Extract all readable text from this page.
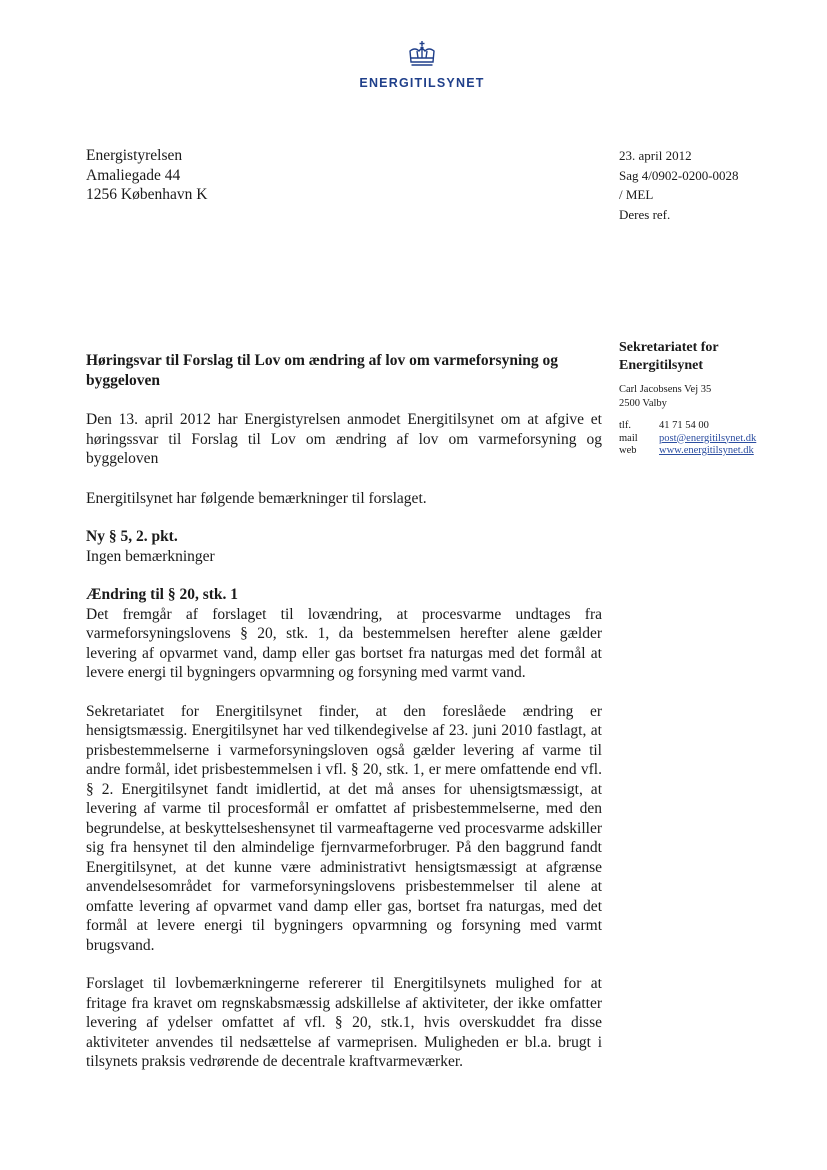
ENERGITILSYNET
Energistyrelsen
Amaliegade 44
1256 København K
23. april 2012
Sag 4/0902-0200-0028
/ MEL
Deres ref.
Sekretariatet for
Energitilsynet
Carl Jacobsens Vej 35
2500 Valby
tlf.	41 71 54 00
mail	post@energitilsynet.dk
web	www.energitilsynet.dk

Høringsvar til Forslag til Lov om ændring af lov om varmeforsyning og byggeloven

Den 13. april 2012 har Energistyrelsen anmodet Energitilsynet om at afgive et høringssvar til Forslag til Lov om ændring af lov om varmeforsyning og byggeloven

Energitilsynet har følgende bemærkninger til forslaget.

Ny § 5, 2. pkt.

Ingen bemærkninger

Ændring til § 20, stk. 1

Det fremgår af forslaget til lovændring, at procesvarme undtages fra varmeforsyningslovens § 20, stk. 1, da bestemmelsen herefter alene gælder levering af opvarmet vand, damp eller gas bortset fra naturgas med det formål at levere energi til bygningers opvarmning og forsyning med varmt vand.

Sekretariatet for Energitilsynet finder, at den foreslåede ændring er hensigtsmæssig. Energitilsynet har ved tilkendegivelse af 23. juni 2010 fastlagt, at prisbestemmelserne i varmeforsyningsloven også gælder levering af varme til andre formål, idet prisbestemmelsen i vfl. § 20, stk. 1, er mere omfattende end vfl. § 2. Energitilsynet fandt imidlertid, at det må anses for uhensigtsmæssigt, at levering af varme til procesformål er omfattet af prisbestemmelserne, med den begrundelse, at beskyttelseshensynet til varmeaftagerne ved procesvarme adskiller sig fra hensynet til den almindelige fjernvarmeforbruger. På den baggrund fandt Energitilsynet, at det kunne være administrativt hensigtsmæssigt at afgrænse anvendelsesområdet for varmeforsyningslovens prisbestemmelser til alene at omfatte levering af opvarmet vand damp eller gas, bortset fra naturgas, med det formål at levere energi til bygningers opvarmning og forsyning med varmt brugsvand.

Forslaget til lovbemærkningerne refererer til Energitilsynets mulighed for at fritage fra kravet om regnskabsmæssig adskillelse af aktiviteter, der ikke omfatter levering af ydelser omfattet af vfl. § 20, stk.1, hvis overskuddet fra disse aktiviteter anvendes til nedsættelse af varmeprisen. Muligheden er bl.a. brugt i tilsynets praksis vedrørende de decentrale kraftvarmeværker.
